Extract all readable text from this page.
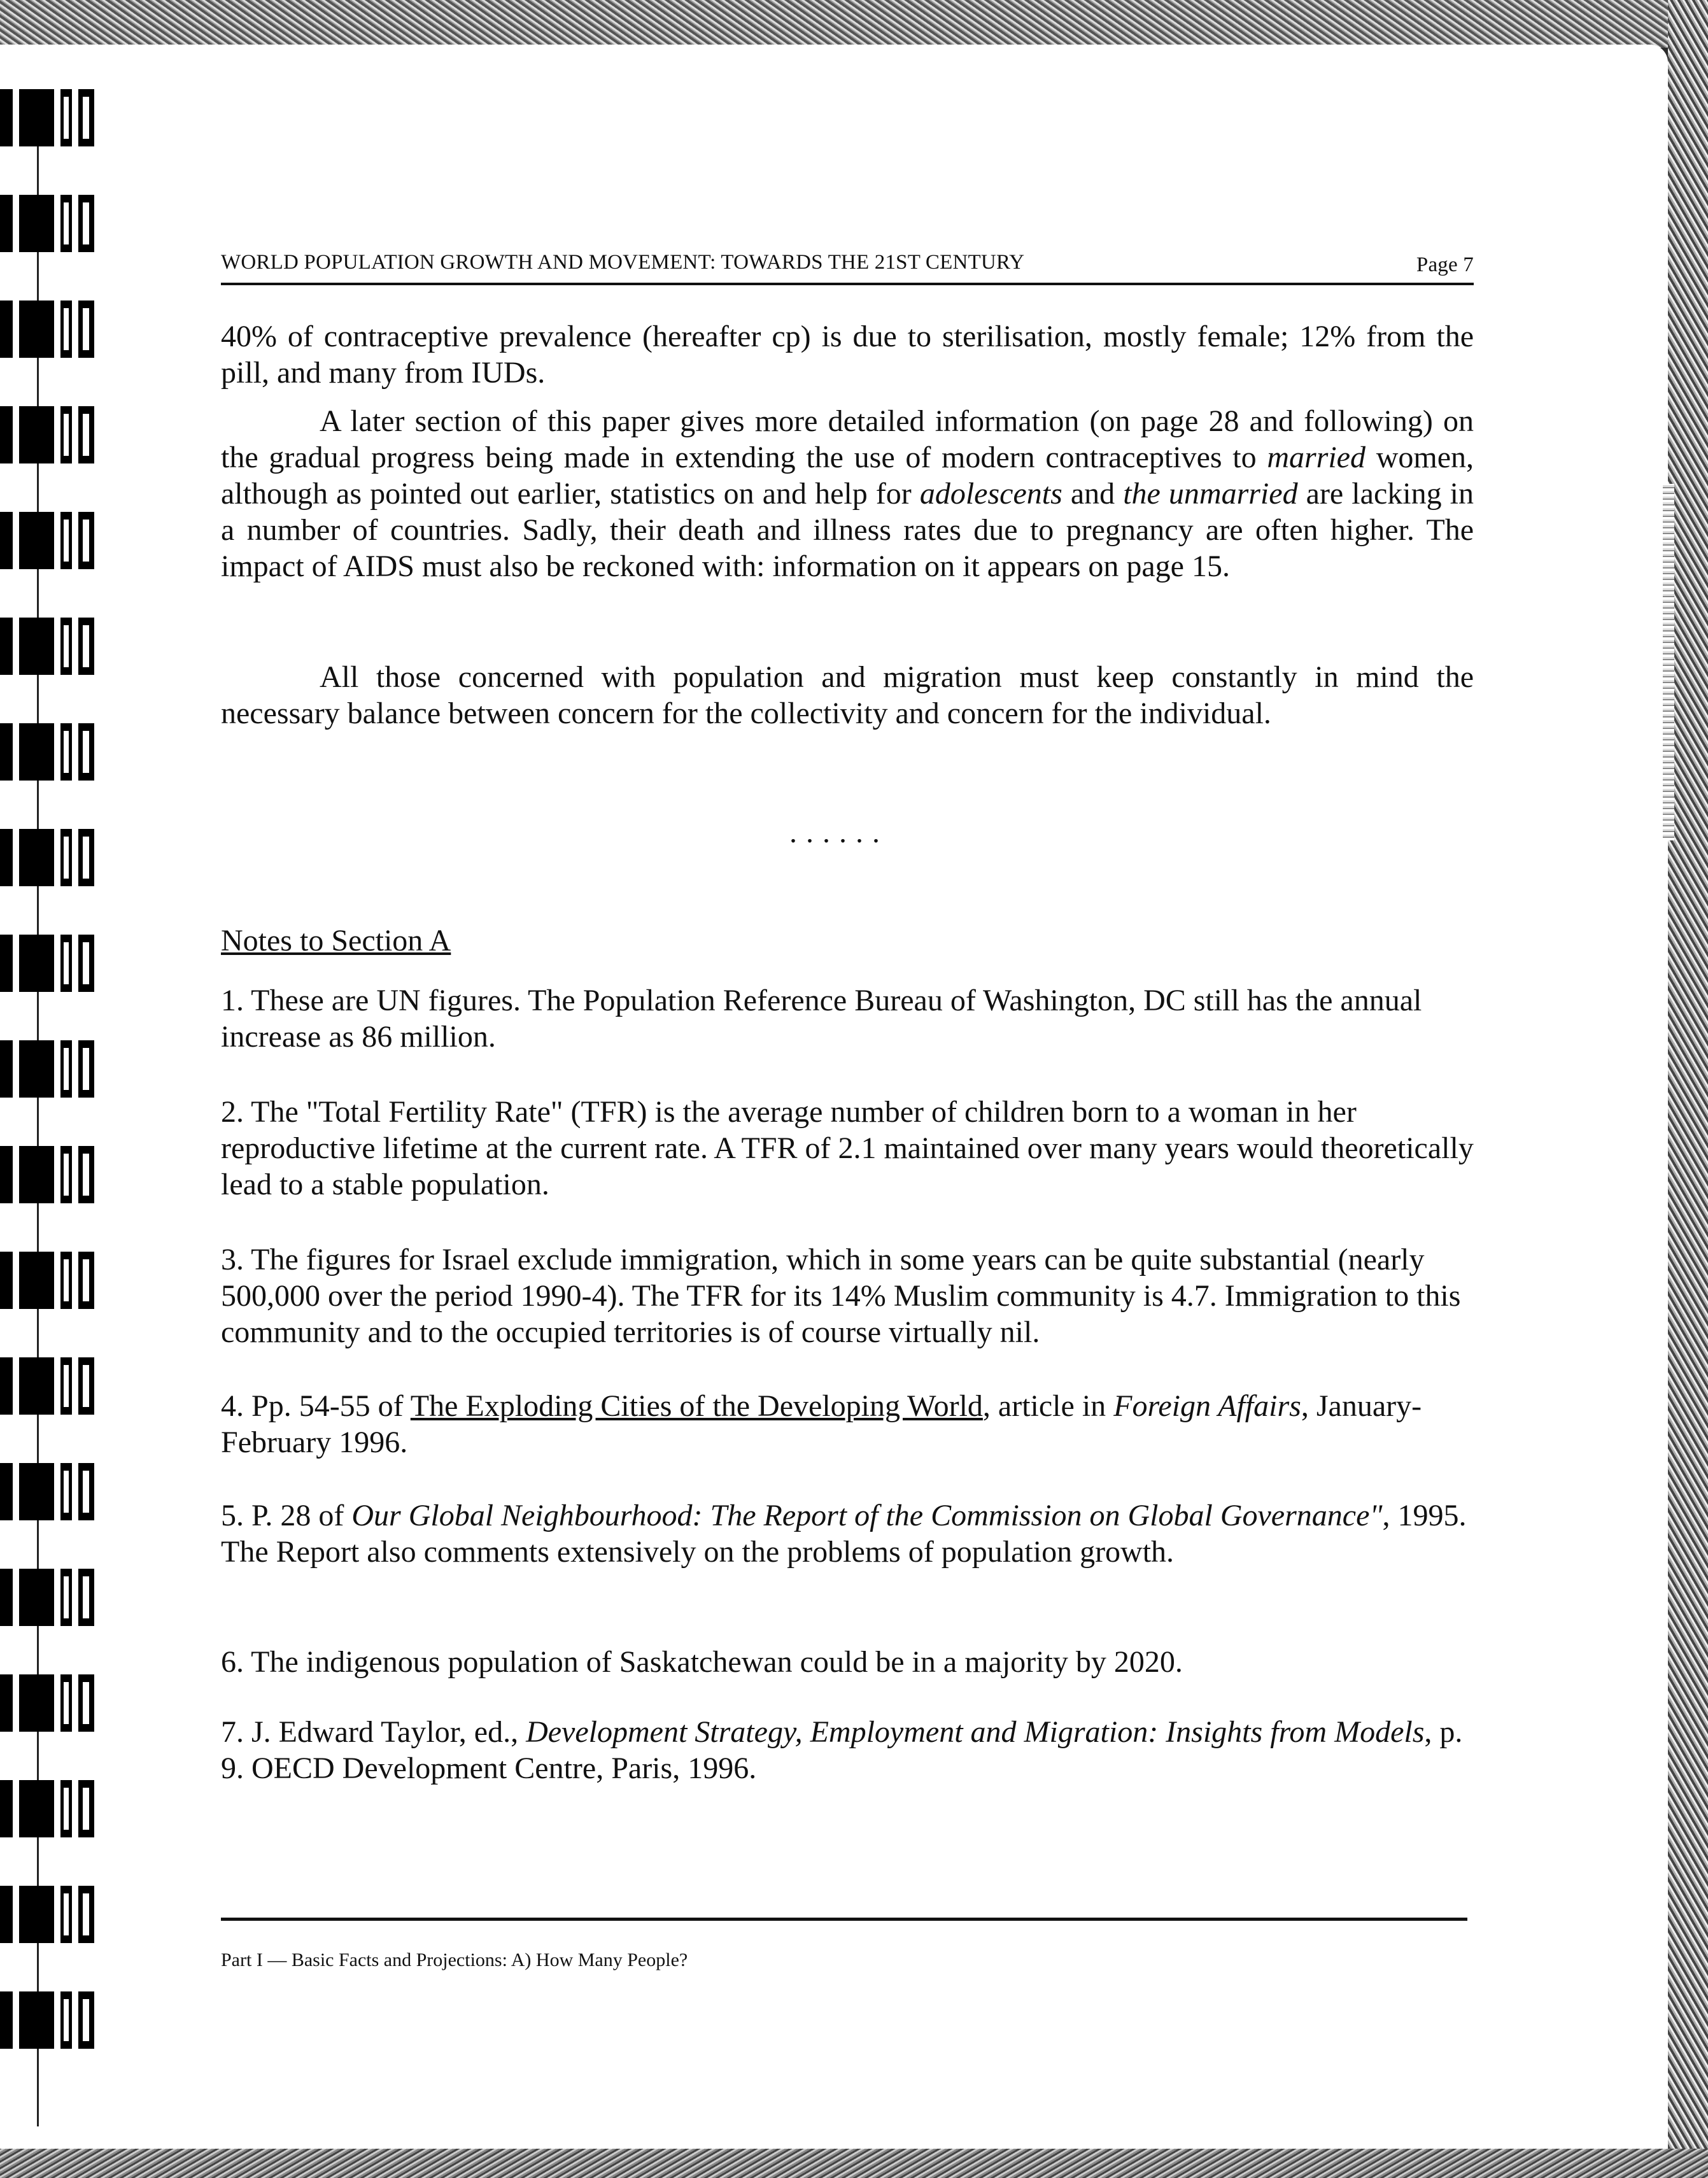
WORLD POPULATION GROWTH AND MOVEMENT: TOWARDS THE 21ST CENTURY	Page 7
40% of contraceptive prevalence (hereafter cp) is due to sterilisation, mostly female; 12% from the pill, and many from IUDs.
A later section of this paper gives more detailed information (on page 28 and following) on the gradual progress being made in extending the use of modern contraceptives to married women, although as pointed out earlier, statistics on and help for adolescents and the unmarried are lacking in a number of countries. Sadly, their death and illness rates due to pregnancy are often higher. The impact of AIDS must also be reckoned with: information on it appears on page 15.
All those concerned with population and migration must keep constantly in mind the necessary balance between concern for the collectivity and concern for the individual.
......
Notes to Section A
1. These are UN figures. The Population Reference Bureau of Washington, DC still has the annual increase as 86 million.
2. The "Total Fertility Rate" (TFR) is the average number of children born to a woman in her reproductive lifetime at the current rate. A TFR of 2.1 maintained over many years would theoretically lead to a stable population.
3. The figures for Israel exclude immigration, which in some years can be quite substantial (nearly 500,000 over the period 1990-4). The TFR for its 14% Muslim community is 4.7. Immigration to this community and to the occupied territories is of course virtually nil.
4. Pp. 54-55 of The Exploding Cities of the Developing World, article in Foreign Affairs, January-February 1996.
5. P. 28 of Our Global Neighbourhood: The Report of the Commission on Global Governance", 1995. The Report also comments extensively on the problems of population growth.
6. The indigenous population of Saskatchewan could be in a majority by 2020.
7. J. Edward Taylor, ed., Development Strategy, Employment and Migration: Insights from Models, p. 9. OECD Development Centre, Paris, 1996.
Part I — Basic Facts and Projections: A) How Many People?
